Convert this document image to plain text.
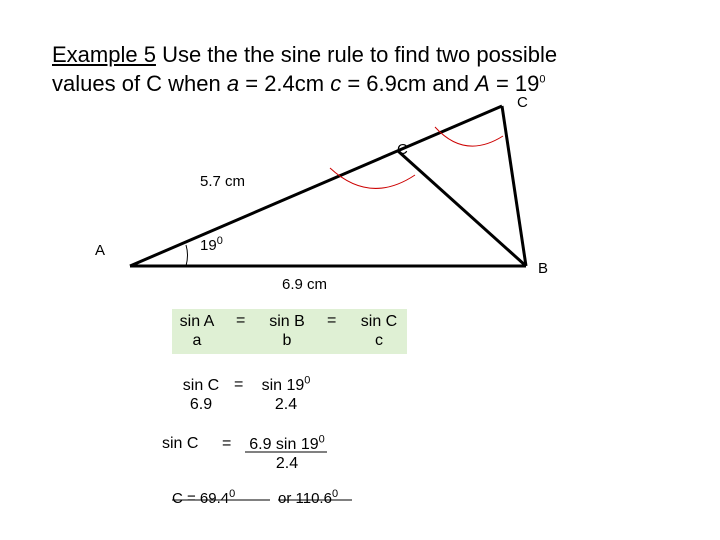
Example 5 Use the the sine rule to find two possible
values of C when a = 2.4cm c = 6.9cm and $A = 19^0$
C
C
5.7 cm
A	$19^0$
B
6.9 cm
sin A
a
=	sin B
b
=	sin C
c
sin C
6.9
=	$\sin 19^0$
2.4
sin C =	6.9 $\sin 19^0$
2.4
$C = 69.4^0$	or 110.6$^0$
